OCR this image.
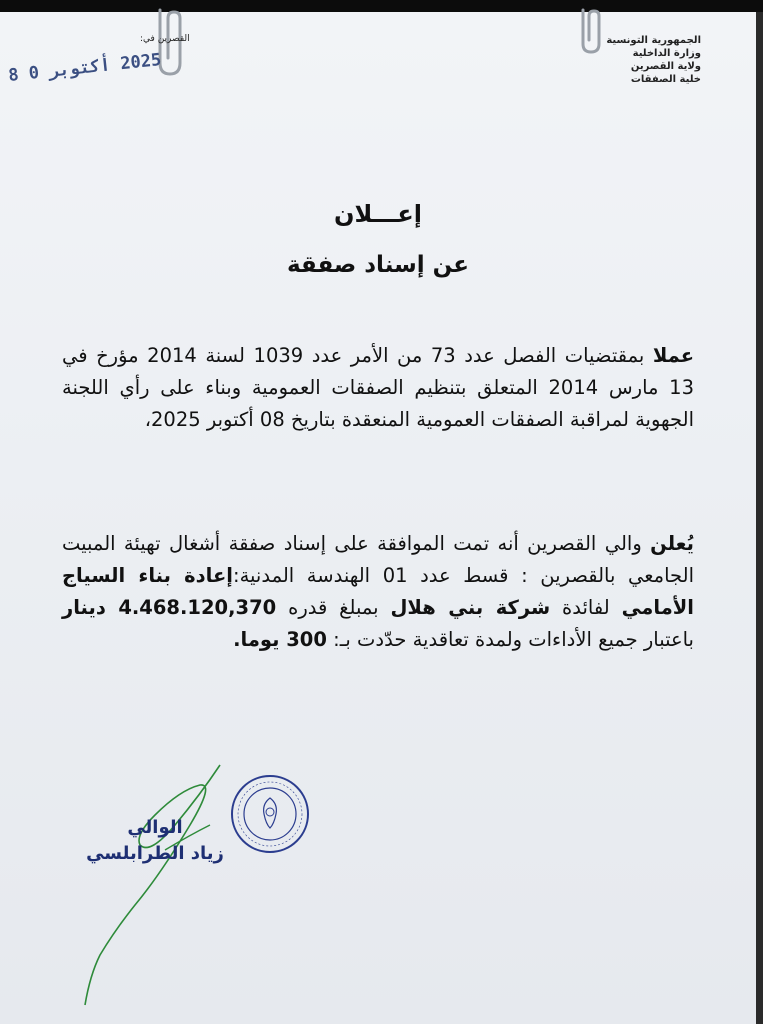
الجمهورية التونسية
وزارة الداخلية
ولاية القصرين
خلية الصفقات
القصرين في:
2025 أكتوبر 0 8
إعـــلان
عن إسناد صفقة
عملا بمقتضيات الفصل عدد 73 من الأمر عدد 1039 لسنة 2014 مؤرخ في 13 مارس 2014 المتعلق بتنظيم الصفقات العمومية وبناء على رأي اللجنة الجهوية لمراقبة الصفقات العمومية المنعقدة بتاريخ 08 أكتوبر 2025،
يُعلن والي القصرين أنه تمت الموافقة على إسناد صفقة أشغال تهيئة المبيت الجامعي بالقصرين : قسط عدد 01 الهندسة المدنية:إعادة بناء السياج الأمامي لفائدة شركة بني هلال بمبلغ قدره 4.468.120,370 دينار باعتبار جميع الأداءات ولمدة تعاقدية حدّدت بـ: 300 يوما.
الوالي
زياد الطرابلسي
